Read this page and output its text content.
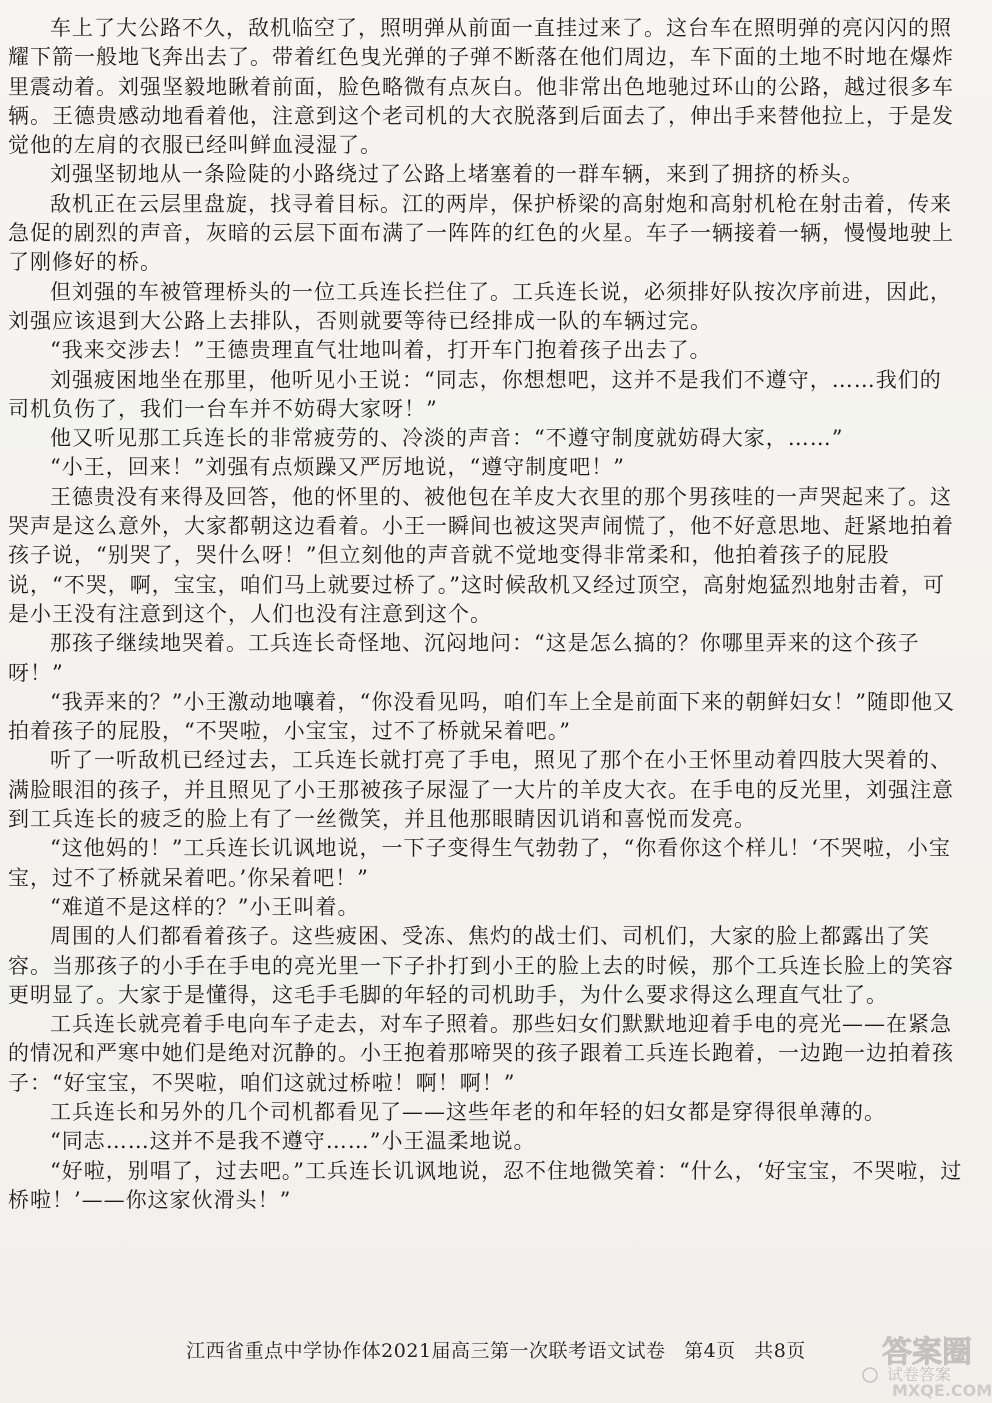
车上了大公路不久，敌机临空了，照明弹从前面一直挂过来了。这台车在照明弹的亮闪闪的照耀下箭一般地飞奔出去了。带着红色曳光弹的子弹不断落在他们周边，车下面的土地不时地在爆炸里震动着。刘强坚毅地瞅着前面，脸色略微有点灰白。他非常出色地驰过环山的公路，越过很多车辆。王德贵感动地看着他，注意到这个老司机的大衣脱落到后面去了，伸出手来替他拉上，于是发觉他的左肩的衣服已经叫鲜血浸湿了。

刘强坚韧地从一条险陡的小路绕过了公路上堵塞着的一群车辆，来到了拥挤的桥头。

敌机正在云层里盘旋，找寻着目标。江的两岸，保护桥梁的高射炮和高射机枪在射击着，传来急促的剧烈的声音，灰暗的云层下面布满了一阵阵的红色的火星。车子一辆接着一辆，慢慢地驶上了刚修好的桥。

但刘强的车被管理桥头的一位工兵连长拦住了。工兵连长说，必须排好队按次序前进，因此，刘强应该退到大公路上去排队，否则就要等待已经排成一队的车辆过完。

“我来交涉去！”王德贵理直气壮地叫着，打开车门抱着孩子出去了。

刘强疲困地坐在那里，他听见小王说：“同志，你想想吧，这并不是我们不遵守，……我们的司机负伤了，我们一台车并不妨碍大家呀！”

他又听见那工兵连长的非常疲劳的、冷淡的声音：“不遵守制度就妨碍大家，……”

“小王，回来！”刘强有点烦躁又严厉地说，“遵守制度吧！”

王德贵没有来得及回答，他的怀里的、被他包在羊皮大衣里的那个男孩哇的一声哭起来了。这哭声是这么意外，大家都朝这边看着。小王一瞬间也被这哭声闹慌了，他不好意思地、赶紧地拍着孩子说，“别哭了，哭什么呀！”但立刻他的声音就不觉地变得非常柔和，他拍着孩子的屁股说，“不哭，啊，宝宝，咱们马上就要过桥了。”这时候敌机又经过顶空，高射炮猛烈地射击着，可是小王没有注意到这个，人们也没有注意到这个。

那孩子继续地哭着。工兵连长奇怪地、沉闷地问：“这是怎么搞的？你哪里弄来的这个孩子呀！”

“我弄来的？”小王激动地嚷着，“你没看见吗，咱们车上全是前面下来的朝鲜妇女！”随即他又拍着孩子的屁股，“不哭啦，小宝宝，过不了桥就呆着吧。”

听了一听敌机已经过去，工兵连长就打亮了手电，照见了那个在小王怀里动着四肢大哭着的、满脸眼泪的孩子，并且照见了小王那被孩子尿湿了一大片的羊皮大衣。在手电的反光里，刘强注意到工兵连长的疲乏的脸上有了一丝微笑，并且他那眼睛因讥诮和喜悦而发亮。

“这他妈的！”工兵连长讥讽地说，一下子变得生气勃勃了，“你看你这个样儿！‘不哭啦，小宝宝，过不了桥就呆着吧。’你呆着吧！”

“难道不是这样的？”小王叫着。

周围的人们都看着孩子。这些疲困、受冻、焦灼的战士们、司机们，大家的脸上都露出了笑容。当那孩子的小手在手电的亮光里一下子扑打到小王的脸上去的时候，那个工兵连长脸上的笑容更明显了。大家于是懂得，这毛手毛脚的年轻的司机助手，为什么要求得这么理直气壮了。

工兵连长就亮着手电向车子走去，对车子照着。那些妇女们默默地迎着手电的亮光——在紧急的情况和严寒中她们是绝对沉静的。小王抱着那啼哭的孩子跟着工兵连长跑着，一边跑一边拍着孩子：“好宝宝，不哭啦，咱们这就过桥啦！啊！啊！”

工兵连长和另外的几个司机都看见了——这些年老的和年轻的妇女都是穿得很单薄的。

“同志……这并不是我不遵守……”小王温柔地说。

“好啦，别唱了，过去吧。”工兵连长讥讽地说，忍不住地微笑着：“什么，‘好宝宝，不哭啦，过桥啦！’——你这家伙滑头！”

江西省重点中学协作体2021届高三第一次联考语文试卷 第4页 共8页	答案圈
试卷答案
MXQE.COM
